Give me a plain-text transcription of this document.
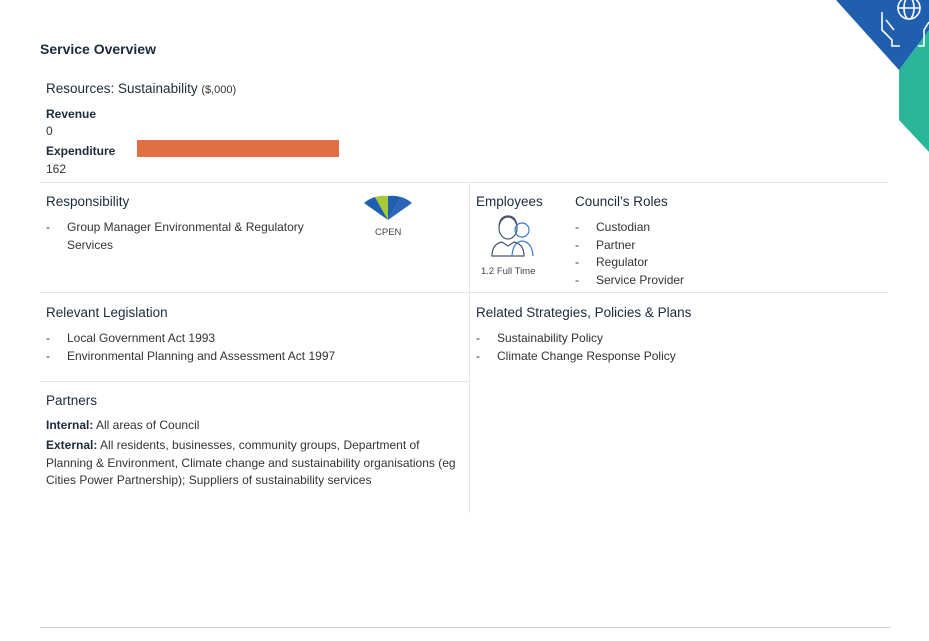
Service Overview
Resources: Sustainability ($,000)
Revenue
0
Expenditure
162
Responsibility
- Group Manager Environmental & Regulatory Services
CPEN
Employees
1.2 Full Time
Council’s Roles
- Custodian
- Partner
- Regulator
- Service Provider
Relevant Legislation
- Local Government Act 1993
- Environmental Planning and Assessment Act 1997
Related Strategies, Policies & Plans
- Sustainability Policy
- Climate Change Response Policy
Partners
Internal: All areas of Council
External: All residents, businesses, community groups, Department of Planning & Environment, Climate change and sustainability organisations (eg Cities Power Partnership); Suppliers of sustainability services
